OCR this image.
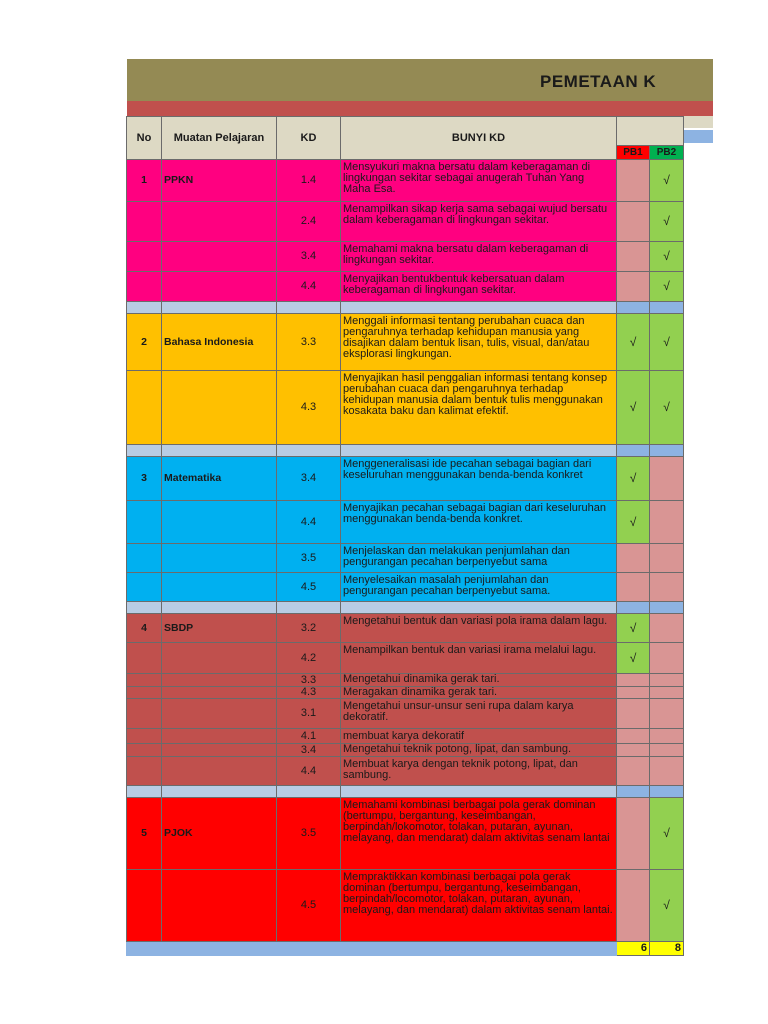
PEMETAAN K
No	Muatan Pelajaran	KD	BUNYI KD		
				PB1	PB2
1	PPKN	1.4	Mensyukuri makna bersatu dalam keberagaman di lingkungan sekitar sebagai anugerah Tuhan Yang Maha Esa.		√
		2.4	Menampilkan sikap kerja sama sebagai wujud bersatu dalam keberagaman di lingkungan sekitar.		√
		3.4	Memahami makna bersatu dalam keberagaman di lingkungan sekitar.		√
		4.4	Menyajikan bentukbentuk kebersatuan dalam keberagaman di lingkungan sekitar.		√

2	Bahasa Indonesia	3.3	Menggali informasi tentang perubahan cuaca dan pengaruhnya terhadap kehidupan manusia yang disajikan dalam bentuk lisan, tulis, visual, dan/atau eksplorasi lingkungan.	√	√
		4.3	Menyajikan hasil penggalian informasi tentang konsep perubahan cuaca dan pengaruhnya terhadap kehidupan manusia dalam bentuk tulis menggunakan kosakata baku dan kalimat efektif.	√	√

3	Matematika	3.4	Menggeneralisasi ide pecahan sebagai bagian dari keseluruhan menggunakan benda-benda konkret	√	
		4.4	Menyajikan pecahan sebagai bagian dari keseluruhan menggunakan benda-benda konkret.	√	
		3.5	Menjelaskan dan melakukan penjumlahan dan pengurangan pecahan berpenyebut sama		
		4.5	Menyelesaikan masalah penjumlahan dan pengurangan pecahan berpenyebut sama.		

4	SBDP	3.2	Mengetahui bentuk dan variasi pola irama dalam lagu.	√	
		4.2	Menampilkan bentuk dan variasi irama melalui lagu.	√	
		3.3	Mengetahui dinamika gerak tari.		
		4.3	Meragakan dinamika gerak tari.		
		3.1	Mengetahui unsur-unsur seni rupa dalam karya dekoratif.		
		4.1	membuat karya dekoratif		
		3.4	Mengetahui teknik potong, lipat, dan sambung.		
		4.4	Membuat karya dengan teknik potong, lipat, dan sambung.		

5	PJOK	3.5	Memahami kombinasi berbagai pola gerak dominan (bertumpu, bergantung, keseimbangan, berpindah/lokomotor, tolakan, putaran, ayunan, melayang, dan mendarat) dalam aktivitas senam lantai		√
		4.5	Mempraktikkan kombinasi berbagai pola gerak dominan (bertumpu, bergantung, keseimbangan, berpindah/locomotor, tolakan, putaran, ayunan, melayang, dan mendarat) dalam aktivitas senam lantai.		√
				6	8
